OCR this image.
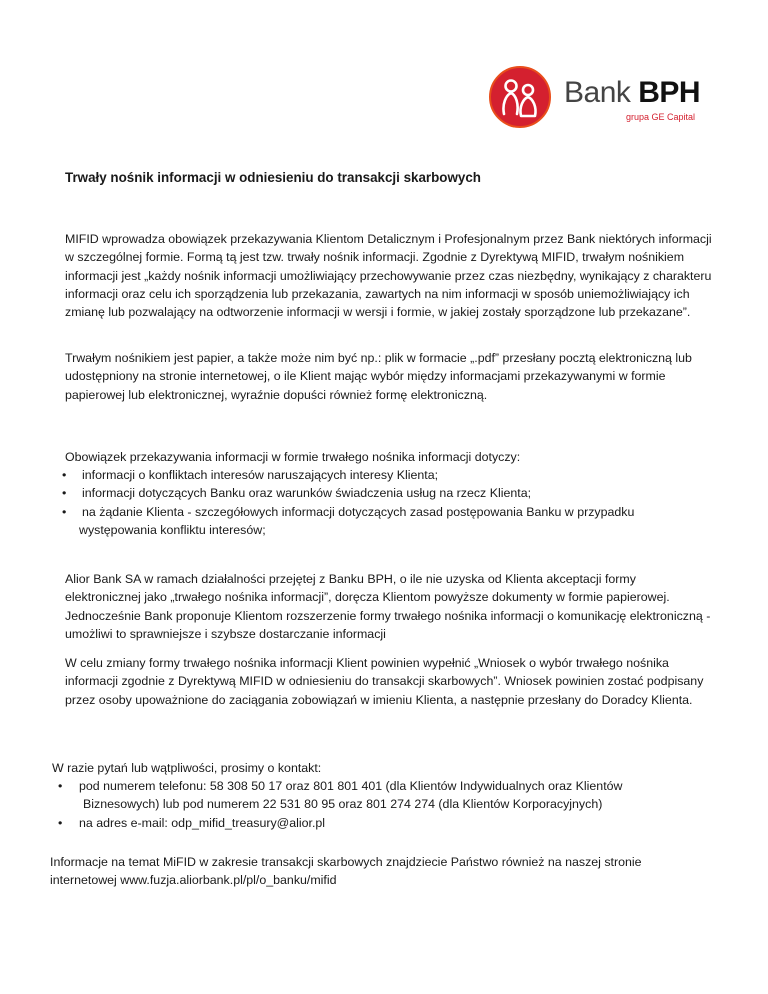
Bank BPH
grupa GE Capital
Trwały nośnik informacji w odniesieniu do transakcji skarbowych

MIFID wprowadza obowiązek przekazywania Klientom Detalicznym i Profesjonalnym przez Bank niektórych informacji w szczególnej formie. Formą tą jest tzw. trwały nośnik informacji. Zgodnie z Dyrektywą MIFID, trwałym nośnikiem informacji jest „każdy nośnik informacji umożliwiający przechowywanie przez czas niezbędny, wynikający z charakteru informacji oraz celu ich sporządzenia lub przekazania, zawartych na nim informacji w sposób uniemożliwiający ich zmianę lub pozwalający na odtworzenie informacji w wersji i formie, w jakiej zostały sporządzone lub przekazane”.

Trwałym nośnikiem jest papier, a także może nim być np.: plik w formacie „.pdf” przesłany pocztą elektroniczną lub udostępniony na stronie internetowej, o ile Klient mając wybór między informacjami przekazywanymi w formie papierowej lub elektronicznej, wyraźnie dopuści również formę elektroniczną.

Obowiązek przekazywania informacji w formie trwałego nośnika informacji dotyczy:

• informacji o konfliktach interesów naruszających interesy Klienta;
• informacji dotyczących Banku oraz warunków świadczenia usług na rzecz Klienta;
• na żądanie Klienta - szczegółowych informacji dotyczących zasad postępowania Banku w przypadku
występowania konfliktu interesów;

Alior Bank SA w ramach działalności przejętej z Banku BPH, o ile nie uzyska od Klienta akceptacji formy elektronicznej jako „trwałego nośnika informacji”, doręcza Klientom powyższe dokumenty w formie papierowej. Jednocześnie Bank proponuje Klientom rozszerzenie formy trwałego nośnika informacji o komunikację elektroniczną - umożliwi to sprawniejsze i szybsze dostarczanie informacji

W celu zmiany formy trwałego nośnika informacji Klient powinien wypełnić „Wniosek o wybór trwałego nośnika informacji zgodnie z Dyrektywą MIFID w odniesieniu do transakcji skarbowych”. Wniosek powinien zostać podpisany przez osoby upoważnione do zaciągania zobowiązań w imieniu Klienta, a następnie przesłany do Doradcy Klienta.

W razie pytań lub wątpliwości, prosimy o kontakt:

• pod numerem telefonu: 58 308 50 17 oraz 801 801 401 (dla Klientów Indywidualnych oraz Klientów
Biznesowych) lub pod numerem 22 531 80 95 oraz 801 274 274 (dla Klientów Korporacyjnych)
• na adres e-mail: odp_mifid_treasury@alior.pl

Informacje na temat MiFID w zakresie transakcji skarbowych znajdziecie Państwo również na naszej stronie internetowej www.fuzja.aliorbank.pl/pl/o_banku/mifid
